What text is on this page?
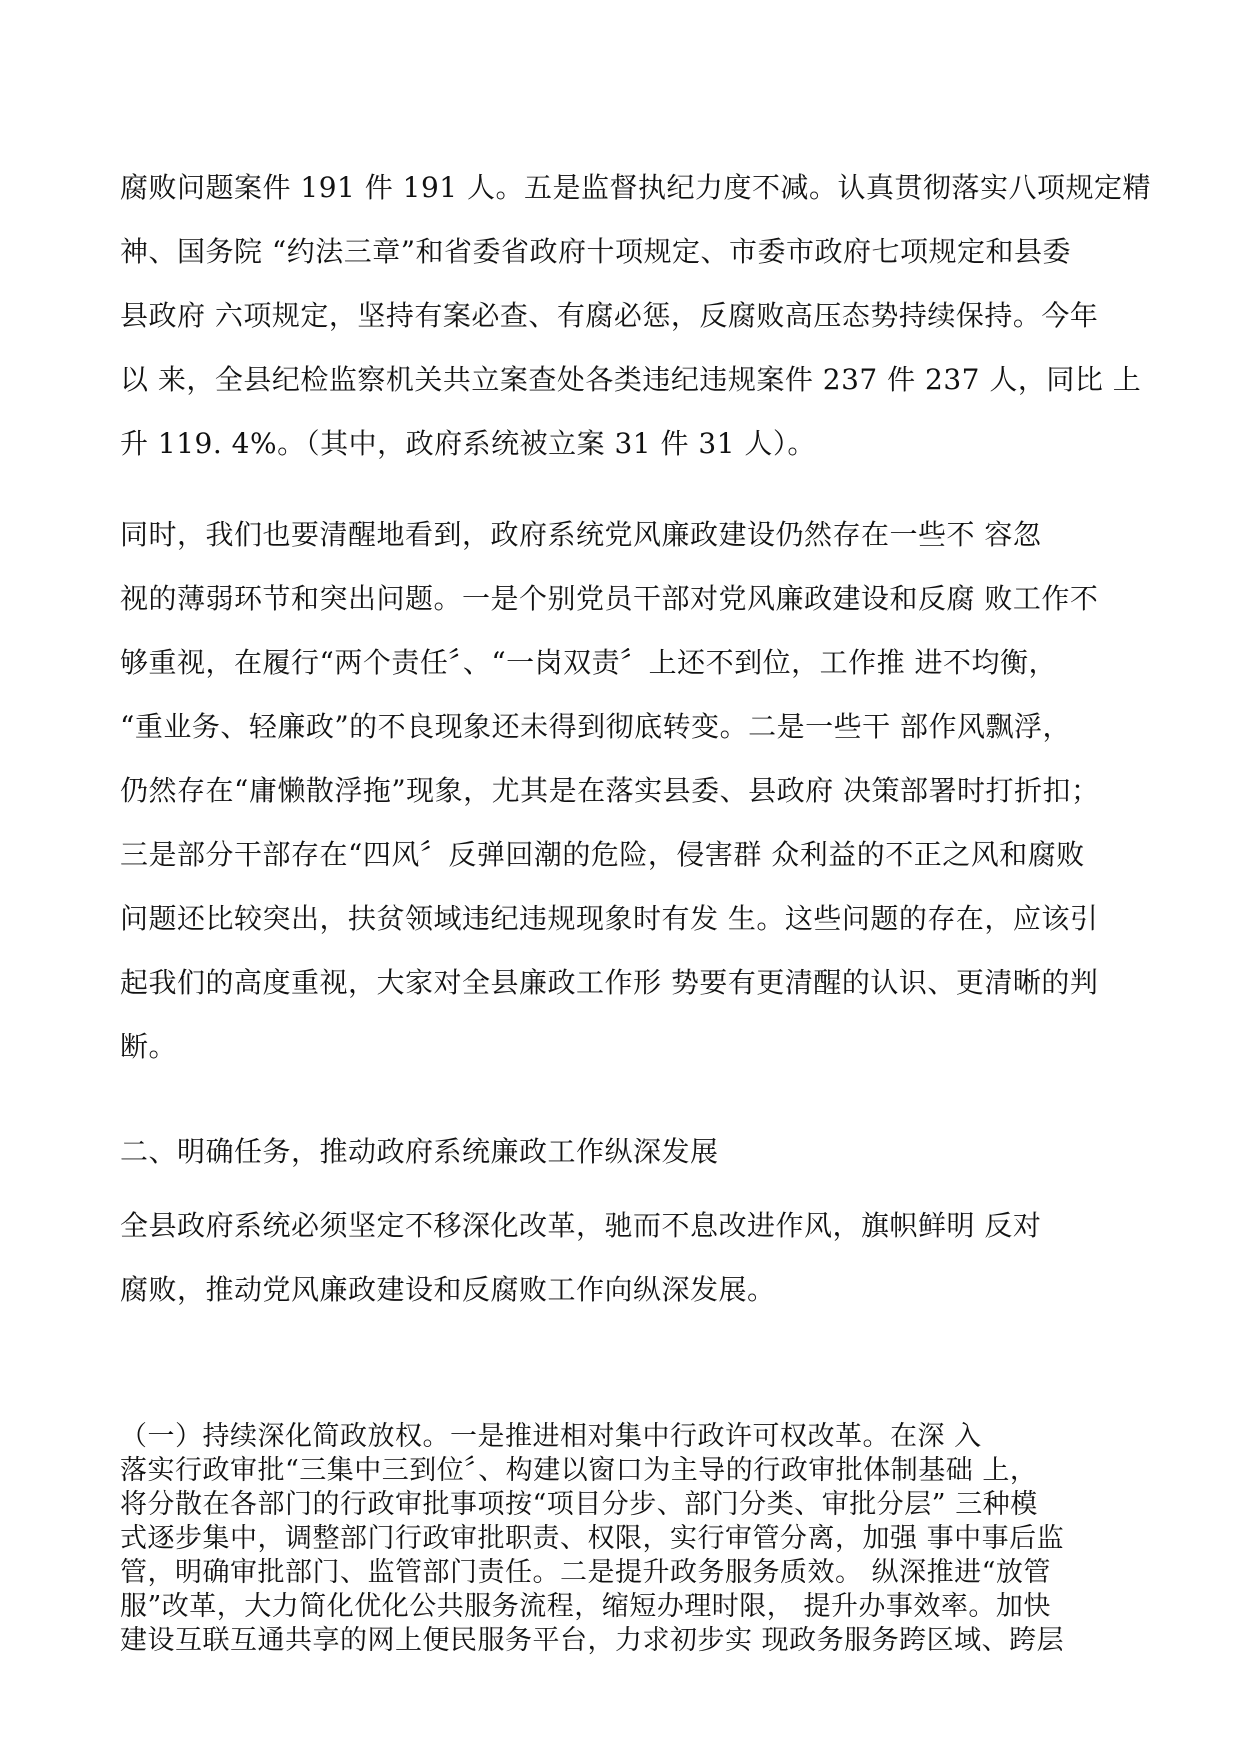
腐败问题案件 191 件 191 人。五是监督执纪力度不减。认真贯彻落实八项规定精
神、国务院 “约法三章”和省委省政府十项规定、市委市政府七项规定和县委
县政府 六项规定，坚持有案必查、有腐必惩，反腐败高压态势持续保持。今年
以 来，全县纪检监察机关共立案查处各类违纪违规案件 237 件 237 人，同比 上
升 119. 4%。（其中，政府系统被立案 31 件 31 人）。
同时，我们也要清醒地看到，政府系统党风廉政建设仍然存在一些不 容忽
视的薄弱环节和突出问题。一是个别党员干部对党风廉政建设和反腐 败工作不
够重视，在履行“两个责任〞、“一岗双责〞上还不到位，工作推 进不均衡，
“重业务、轻廉政”的不良现象还未得到彻底转变。二是一些干 部作风飘浮，
仍然存在“庸懒散浮拖”现象，尤其是在落实县委、县政府 决策部署时打折扣；
三是部分干部存在“四风〞反弹回潮的危险，侵害群 众利益的不正之风和腐败
问题还比较突出，扶贫领域违纪违规现象时有发 生。这些问题的存在，应该引
起我们的高度重视，大家对全县廉政工作形 势要有更清醒的认识、更清晰的判
断。
二、明确任务，推动政府系统廉政工作纵深发展
全县政府系统必须坚定不移深化改革，驰而不息改进作风，旗帜鲜明 反对
腐败，推动党风廉政建设和反腐败工作向纵深发展。
（一）持续深化简政放权。一是推进相对集中行政许可权改革。在深 入
落实行政审批“三集中三到位〞、构建以窗口为主导的行政审批体制基础 上，
将分散在各部门的行政审批事项按“项目分步、部门分类、审批分层” 三种模
式逐步集中，调整部门行政审批职责、权限，实行审管分离，加强 事中事后监
管，明确审批部门、监管部门责任。二是提升政务服务质效。 纵深推进“放管
服”改革，大力简化优化公共服务流程，缩短办理时限， 提升办事效率。加快
建设互联互通共享的网上便民服务平台，力求初步实 现政务服务跨区域、跨层
